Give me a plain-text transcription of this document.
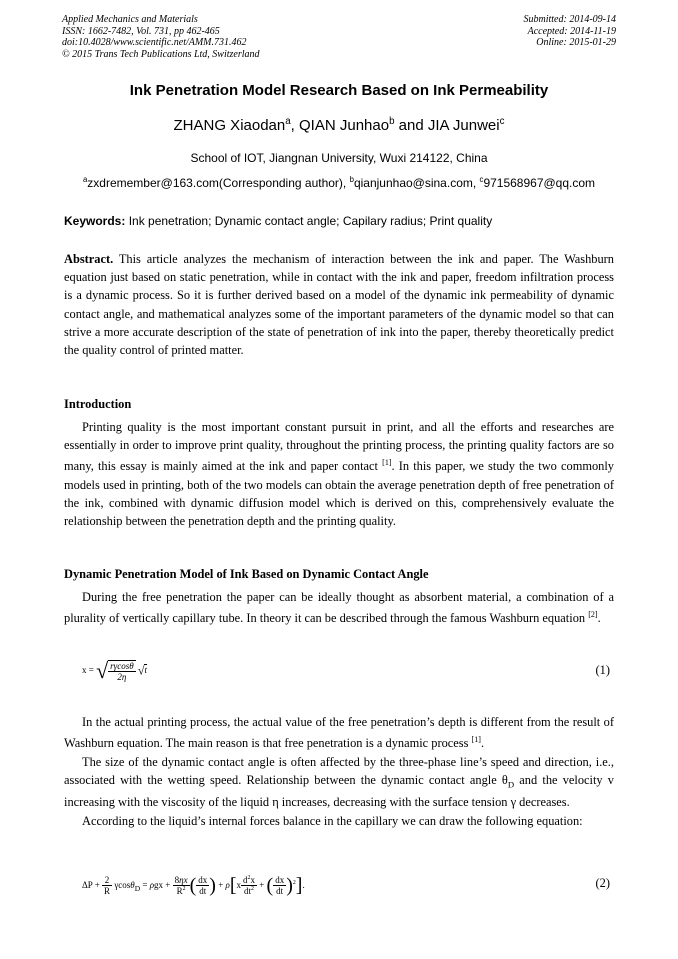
Applied Mechanics and Materials
ISSN: 1662-7482, Vol. 731, pp 462-465
doi:10.4028/www.scientific.net/AMM.731.462
© 2015 Trans Tech Publications Ltd, Switzerland
Submitted: 2014-09-14
Accepted: 2014-11-19
Online: 2015-01-29
Ink Penetration Model Research Based on Ink Permeability
ZHANG Xiaodan$^a$, QIAN Junhao$^b$ and JIA Junwei$^c$
School of IOT, Jiangnan University, Wuxi 214122, China
$^a$zxdremember@163.com(Corresponding author), $^b$qianjunhao@sina.com, $^c$971568967@qq.com
Keywords: Ink penetration; Dynamic contact angle; Capilary radius; Print quality

Abstract. This article analyzes the mechanism of interaction between the ink and paper. The Washburn equation just based on static penetration, while in contact with the ink and paper, freedom infiltration process is a dynamic process. So it is further derived based on a model of the dynamic ink permeability of dynamic contact angle, and mathematical analyzes some of the important parameters of the dynamic model so that can strive a more accurate description of the state of penetration of ink into the paper, thereby theoretically predict the quality control of printed matter.

Introduction

Printing quality is the most important constant pursuit in print, and all the efforts and researches are essentially in order to improve print quality, throughout the printing process, the printing quality factors are so many, this essay is mainly aimed at the ink and paper contact [1]. In this paper, we study the two commonly models used in printing, both of the two models can obtain the average penetration depth of free penetration of the ink, combined with dynamic diffusion model which is derived on this, comprehensively evaluate the relationship between the penetration depth and the printing quality.

Dynamic Penetration Model of Ink Based on Dynamic Contact Angle

During the free penetration the paper can be ideally thought as absorbent material, a combination of a plurality of vertically capillary tube. In theory it can be described through the famous Washburn equation [2].

x = √ $\frac{r\gamma\cos\theta}{2\eta} √t$	(1)

In the actual printing process, the actual value of the free penetration’s depth is different from the result of Washburn equation. The main reason is that free penetration is a dynamic process [1].

The size of the dynamic contact angle is often affected by the three-phase line’s speed and direction, i.e., associated with the wetting speed. Relationship between the dynamic contact angle $\theta_D$ and the velocity v increasing with the viscosity of the liquid η increases, decreasing with the surface tension γ decreases.

According to the liquid’s internal forces balance in the capillary we can draw the following equation:

$\Delta P + \frac{2}{R} \gamma\cos\theta_D = \rho gx + \frac{8\eta x}{R^2}$ ( $\frac{dx}{dt}$ ) + $\rho[x \frac{d^2x}{dt^2}$ + ( $\frac{dx}{dt} )^2$].	(2)
